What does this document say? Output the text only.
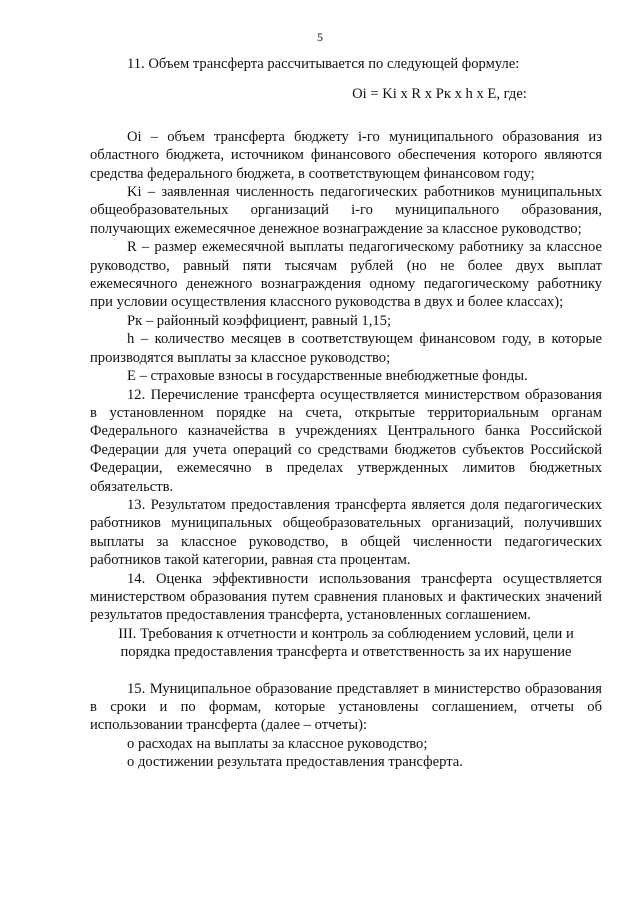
5

11. Объем трансферта рассчитывается по следующей формуле:

Oi = Ki x R x Pк x h x E, где:

Oi – объем трансферта бюджету i-го муниципального образования из областного бюджета, источником финансового обеспечения которого являются средства федерального бюджета, в соответствующем финансовом году;

Ki – заявленная численность педагогических работников муниципальных общеобразовательных организаций i-го муниципального образования, получающих ежемесячное денежное вознаграждение за классное руководство;

R – размер ежемесячной выплаты педагогическому работнику за классное руководство, равный пяти тысячам рублей (но не более двух выплат ежемесячного денежного вознаграждения одному педагогическому работнику при условии осуществления классного руководства в двух и более классах);

Pк – районный коэффициент, равный 1,15;

h – количество месяцев в соответствующем финансовом году, в которые производятся выплаты за классное руководство;

E – страховые взносы в государственные внебюджетные фонды.

12. Перечисление трансферта осуществляется министерством образования в установленном порядке на счета, открытые территориальным органам Федерального казначейства в учреждениях Центрального банка Российской Федерации для учета операций со средствами бюджетов субъектов Российской Федерации, ежемесячно в пределах утвержденных лимитов бюджетных обязательств.

13. Результатом предоставления трансферта является доля педагогических работников муниципальных общеобразовательных организаций, получивших выплаты за классное руководство, в общей численности педагогических работников такой категории, равная ста процентам.

14. Оценка эффективности использования трансферта осуществляется министерством образования путем сравнения плановых и фактических значений результатов предоставления трансферта, установленных соглашением.

III. Требования к отчетности и контроль за соблюдением условий, цели и

порядка предоставления трансферта и ответственность за их нарушение

15. Муниципальное образование представляет в министерство образования в сроки и по формам, которые установлены соглашением, отчеты об использовании трансферта (далее – отчеты):

о расходах на выплаты за классное руководство;

о достижении результата предоставления трансферта.
